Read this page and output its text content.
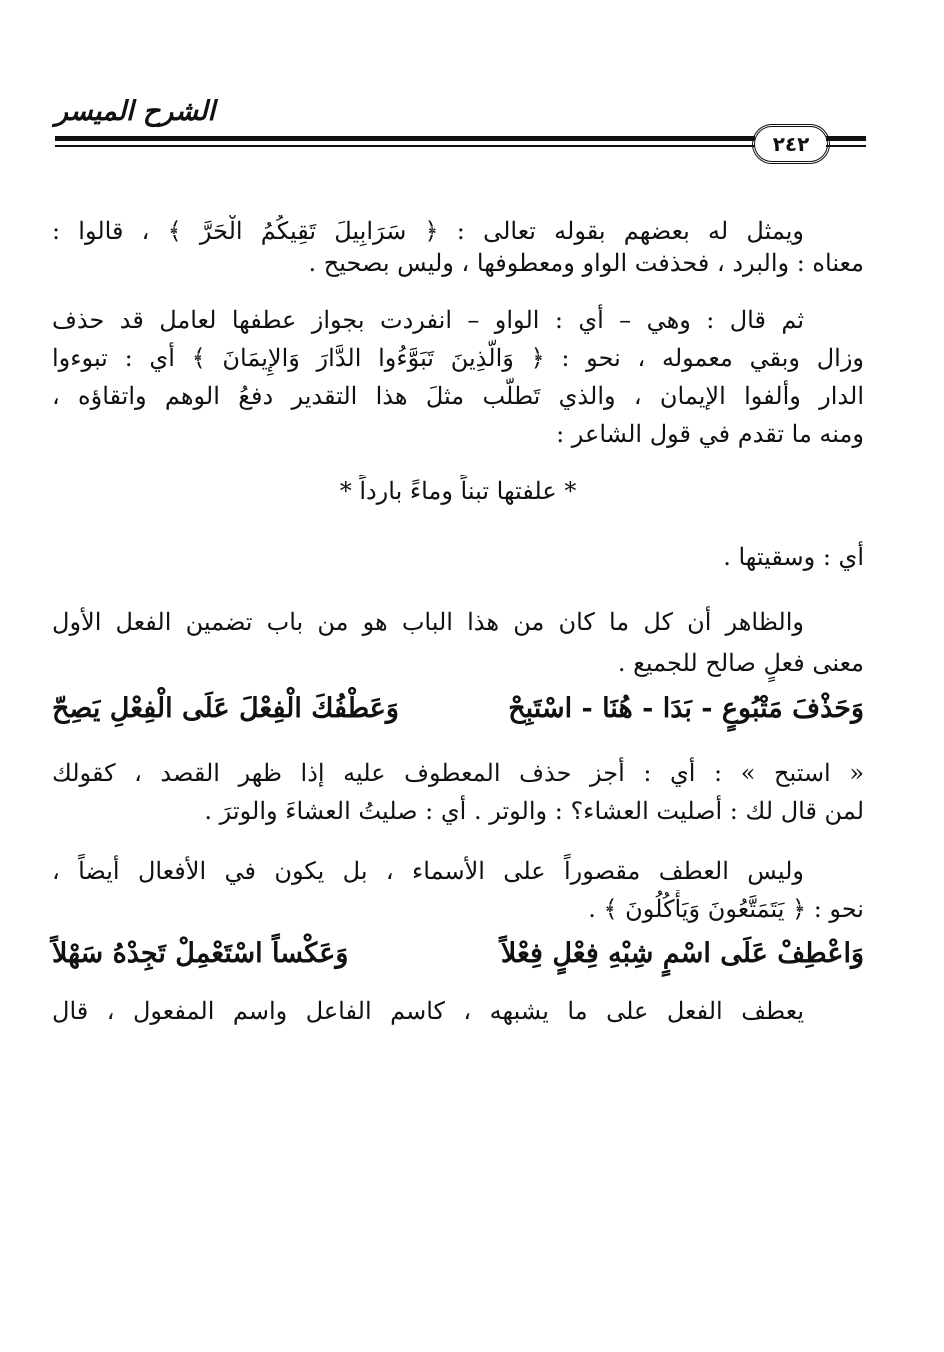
الشرح الميسر
٢٤٢
ويمثل له بعضهم بقوله تعالى : ﴿ سَرَابِيلَ تَقِيكُمُ الْحَرَّ ﴾ ، قالوا :
معناه : والبرد ، فحذفت الواو ومعطوفها ، وليس بصحيح .
ثم قال : وهي – أي : الواو – انفردت بجواز عطفها لعامل قد حذف
وزال وبقي معموله ، نحو : ﴿ وَالَّذِينَ تَبَوَّءُوا الدَّارَ وَالإِيمَانَ ﴾ أي : تبوءوا
الدار وألفوا الإيمان ، والذي تَطلَّب مثلَ هذا التقدير دفعُ الوهم واتقاؤه ،
ومنه ما تقدم في قول الشاعر :
* علفتها تبناً وماءً بارداً *
أي : وسقيتها .
والظاهر أن كل ما كان من هذا الباب هو من باب تضمين الفعل الأول
معنى فعلٍ صالح للجميع .
وَحَذْفَ مَتْبُوعٍ - بَدَا - هُنَا - اسْتَبِحْ
وَعَطْفُكَ الْفِعْلَ عَلَى الْفِعْلِ يَصِحّ
« استبح » : أي : أجز حذف المعطوف عليه إذا ظهر القصد ، كقولك
لمن قال لك : أصليت العشاء؟ : والوتر . أي : صليتُ العشاءَ والوترَ .
وليس العطف مقصوراً على الأسماء ، بل يكون في الأفعال أيضاً ،
نحو : ﴿ يَتَمَتَّعُونَ وَيَأْكُلُونَ ﴾ .
وَاعْطِفْ عَلَى اسْمٍ شِبْهِ فِعْلٍ فِعْلاً
وَعَكْساً اسْتَعْمِلْ تَجِدْهُ سَهْلاً
يعطف الفعل على ما يشبهه ، كاسم الفاعل واسم المفعول ، قال
